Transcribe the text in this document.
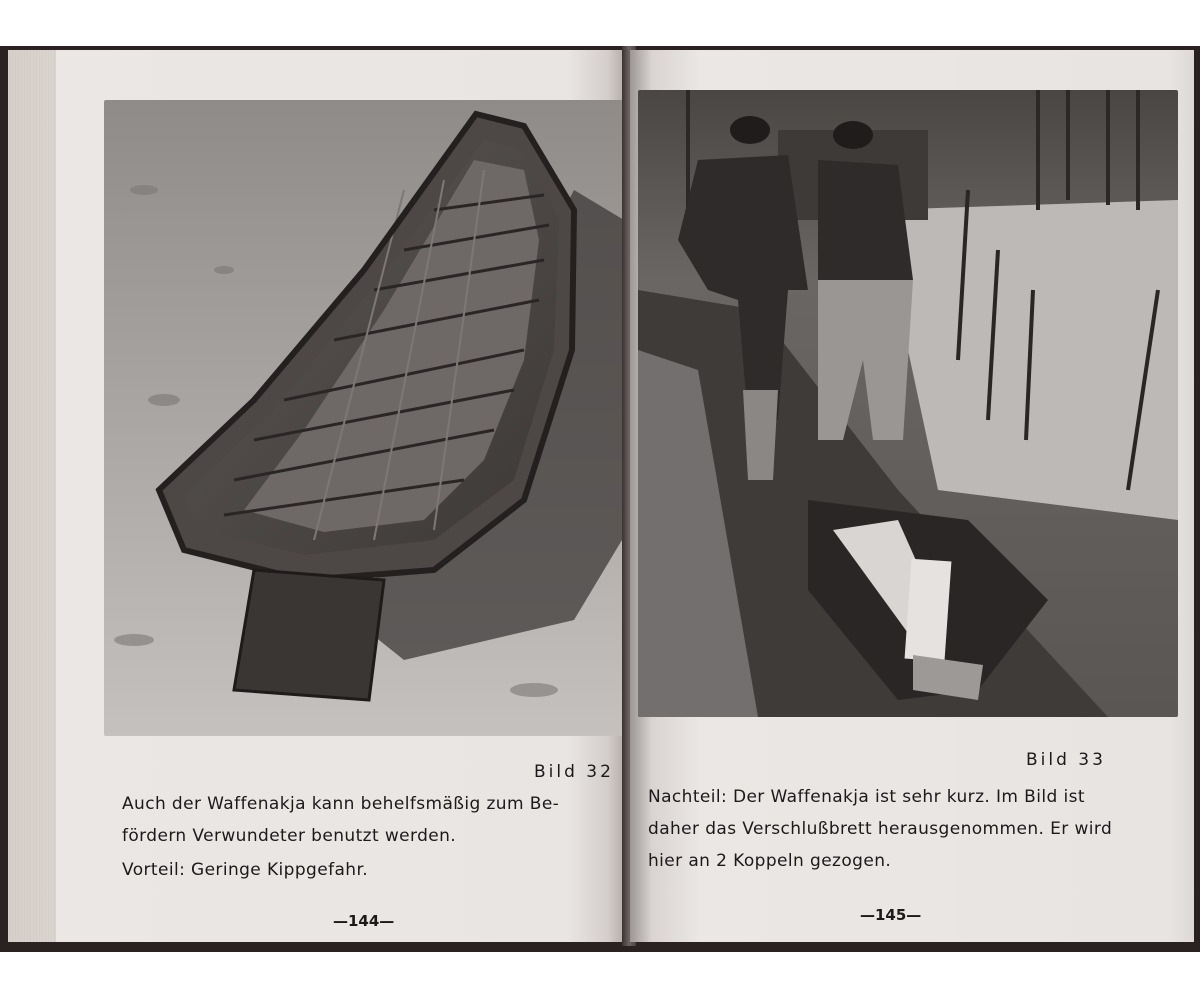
Bild 32

Auch der Waffenakja kann behelfsmäßig zum Be-

fördern Verwundeter benutzt werden.

Vorteil: Geringe Kippgefahr.

—144—
Bild 33

Nachteil: Der Waffenakja ist sehr kurz. Im Bild ist

daher das Verschlußbrett herausgenommen. Er wird

hier an 2 Koppeln gezogen.

—145—
